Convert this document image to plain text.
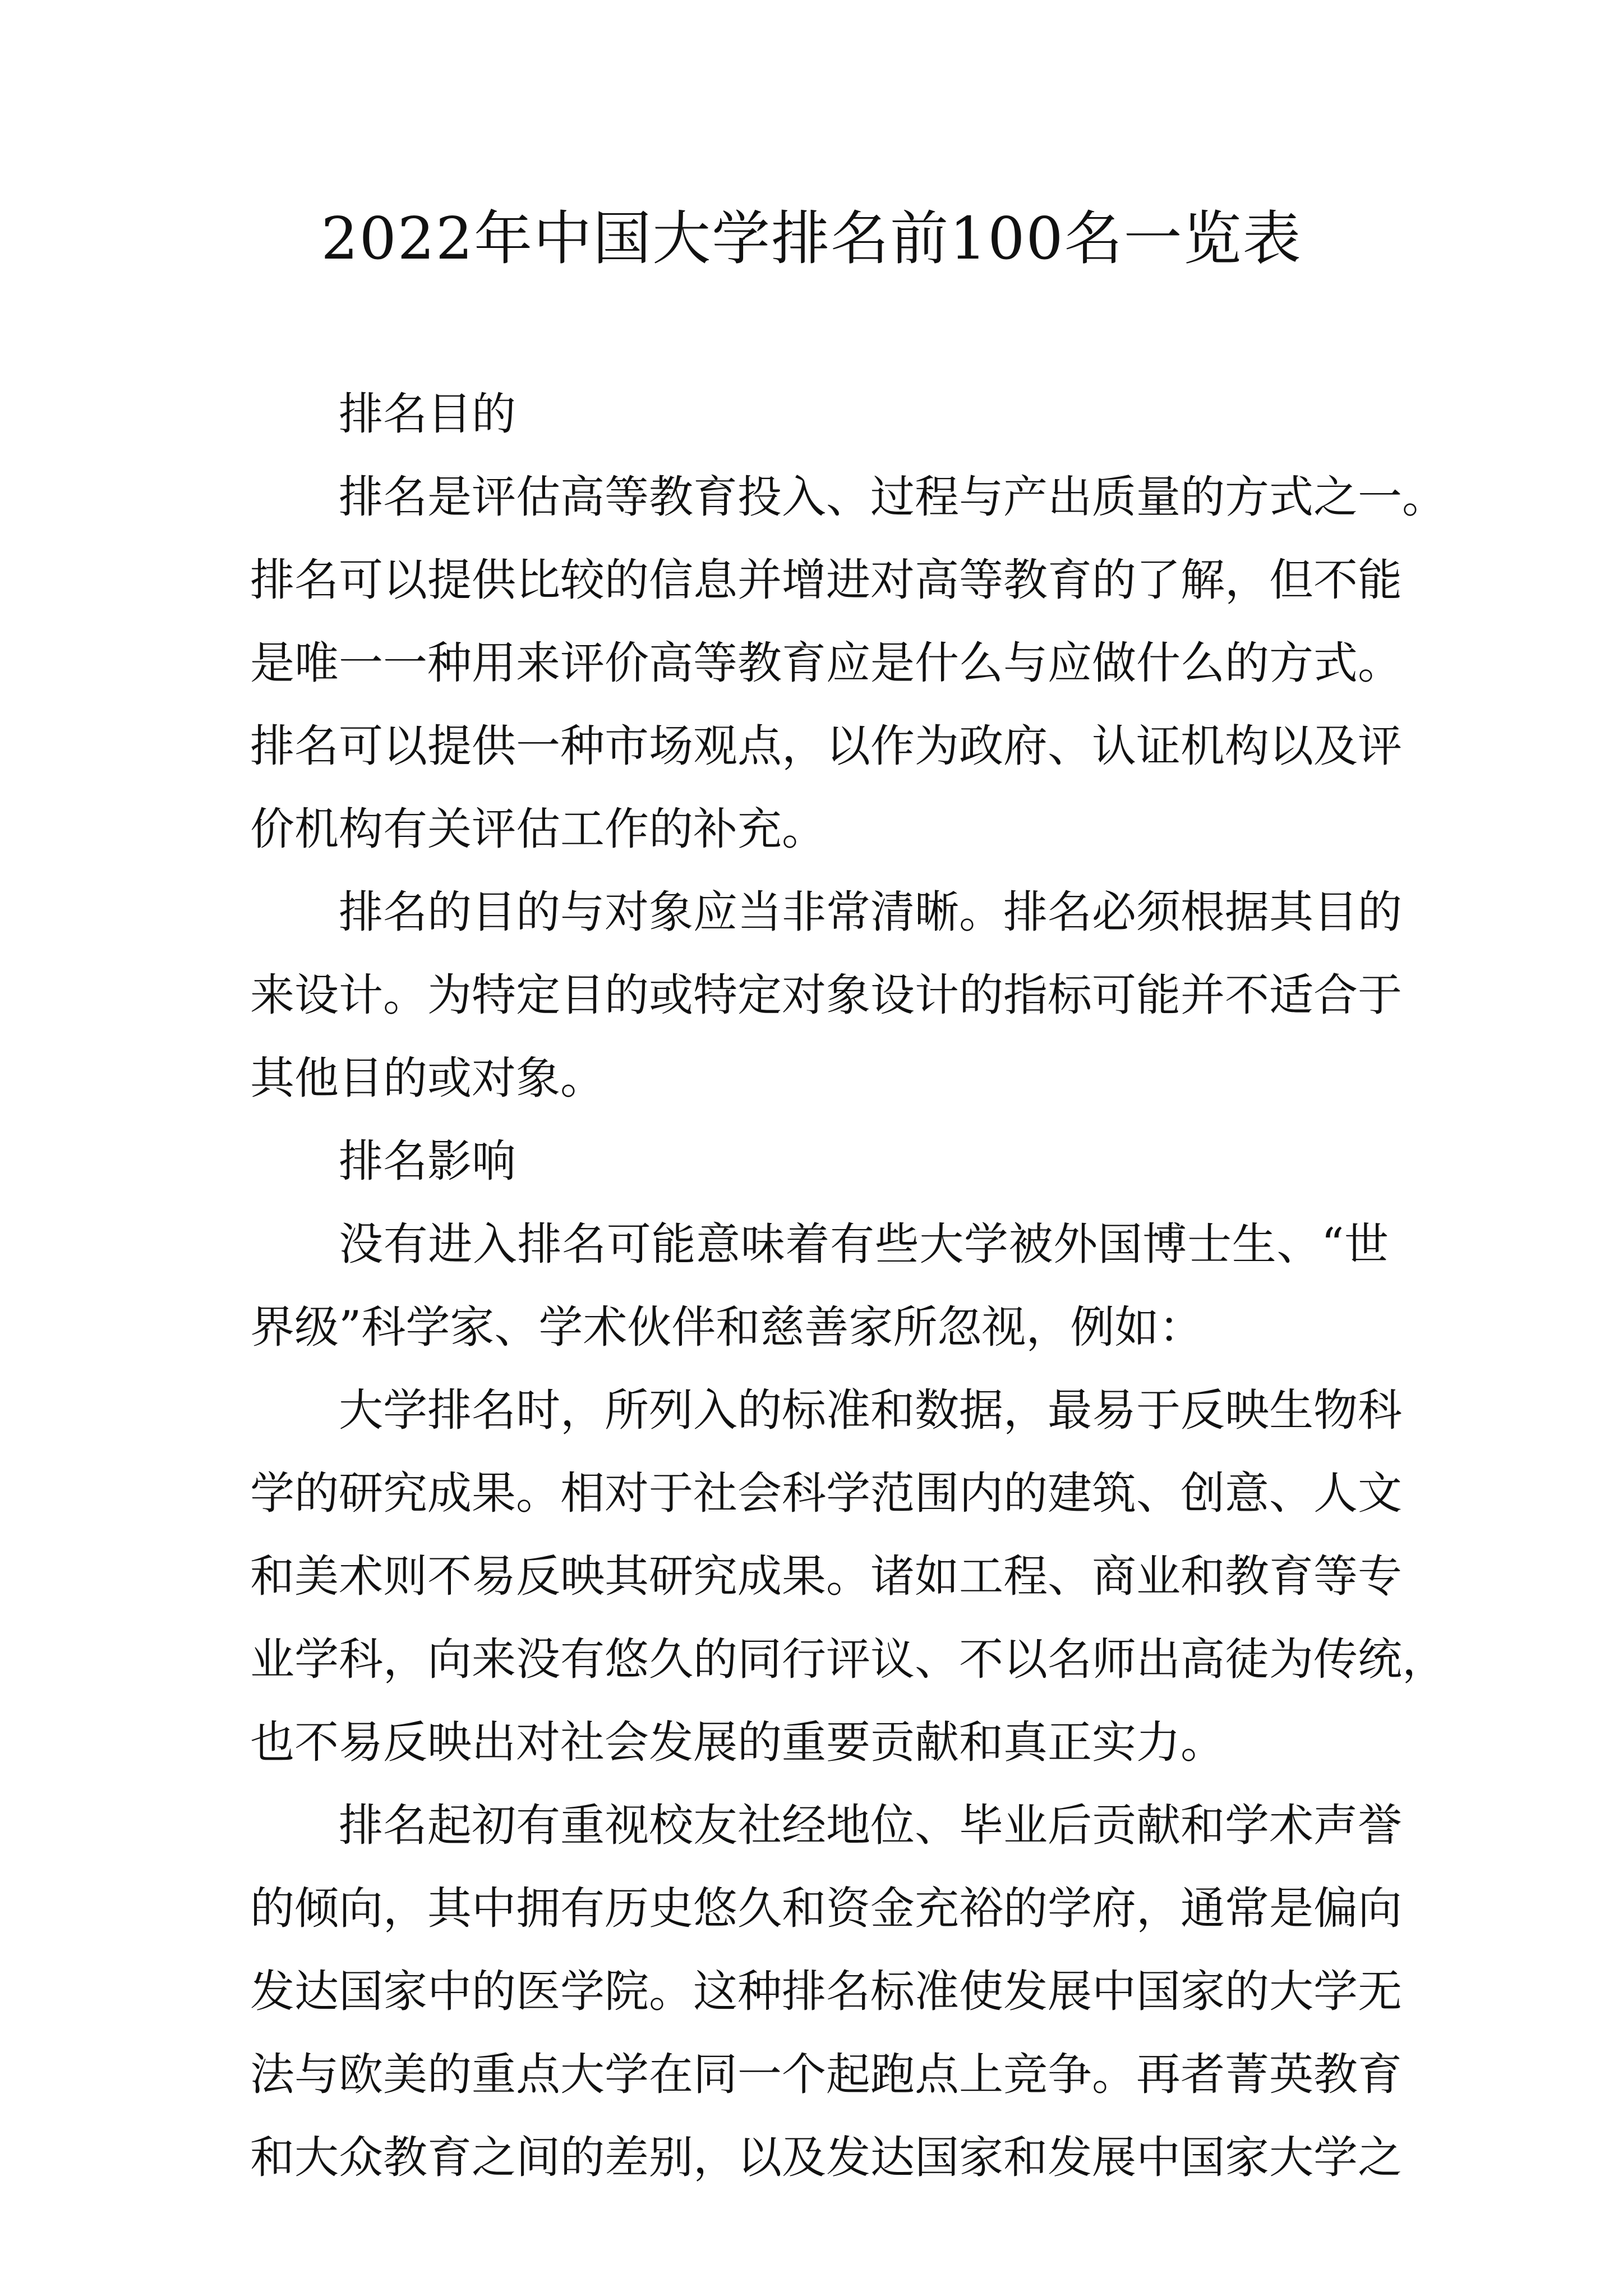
2022年中国大学排名前100名一览表
排名目的
排名是评估高等教育投入、过程与产出质量的方式之一。
排名可以提供比较的信息并增进对高等教育的了解，但不能
是唯一一种用来评价高等教育应是什么与应做什么的方式。
排名可以提供一种市场观点，以作为政府、认证机构以及评
价机构有关评估工作的补充。
排名的目的与对象应当非常清晰。排名必须根据其目的
来设计。为特定目的或特定对象设计的指标可能并不适合于
其他目的或对象。
排名影响
没有进入排名可能意味着有些大学被外国博士生、“世
界级”科学家、学术伙伴和慈善家所忽视，例如：
大学排名时，所列入的标准和数据，最易于反映生物科
学的研究成果。相对于社会科学范围内的建筑、创意、人文
和美术则不易反映其研究成果。诸如工程、商业和教育等专
业学科，向来没有悠久的同行评议、不以名师出高徒为传统，
也不易反映出对社会发展的重要贡献和真正实力。
排名起初有重视校友社经地位、毕业后贡献和学术声誉
的倾向，其中拥有历史悠久和资金充裕的学府，通常是偏向
发达国家中的医学院。这种排名标准使发展中国家的大学无
法与欧美的重点大学在同一个起跑点上竞争。再者菁英教育
和大众教育之间的差别，以及发达国家和发展中国家大学之
